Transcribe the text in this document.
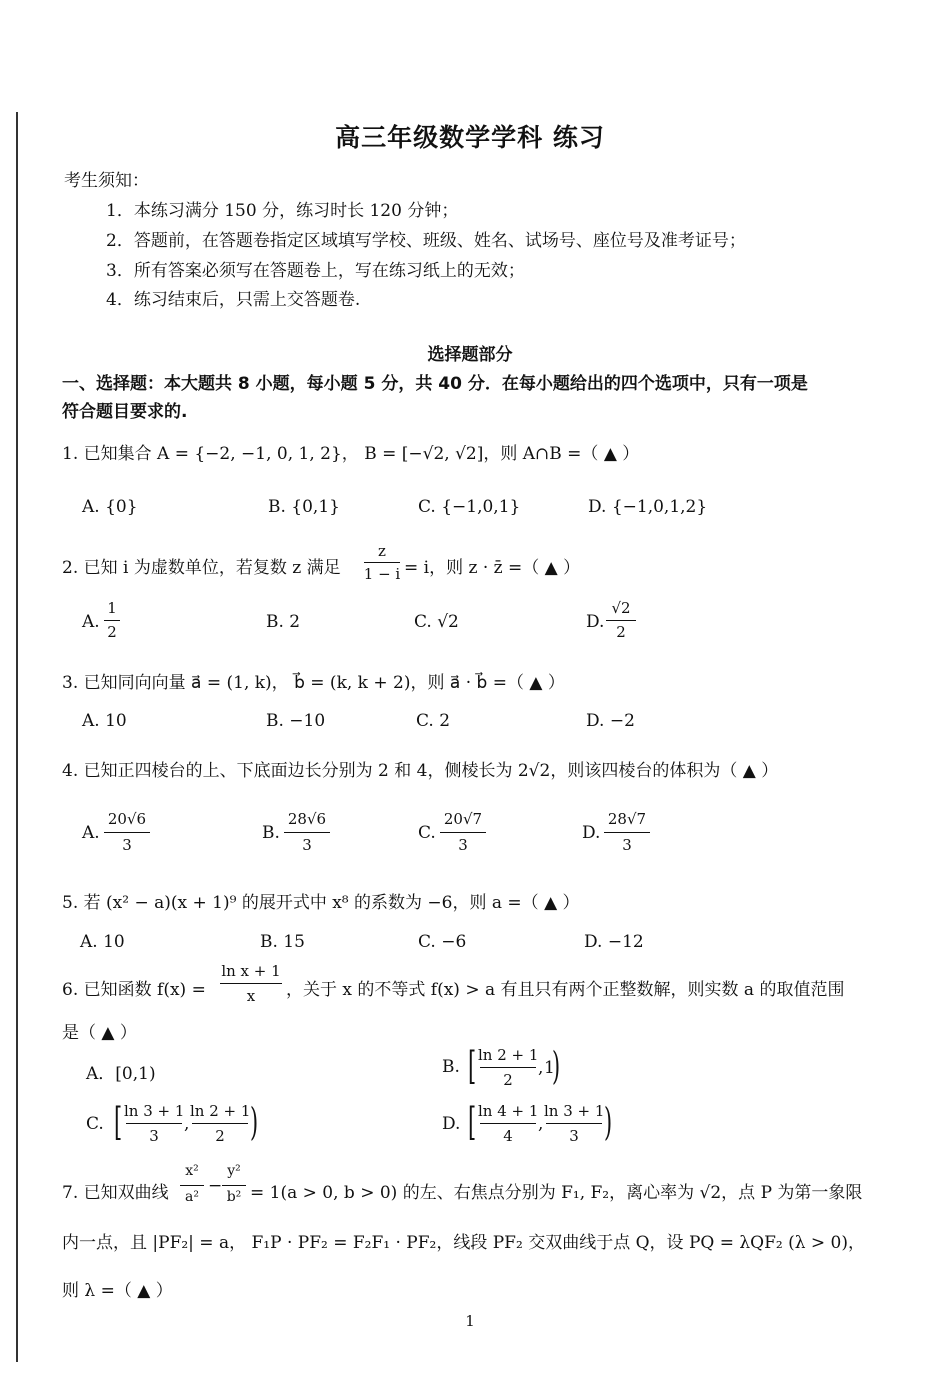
高三年级数学学科 练习
考生须知：
1．本练习满分 150 分，练习时长 120 分钟；
2．答题前，在答题卷指定区域填写学校、班级、姓名、试场号、座位号及准考证号；
3．所有答案必须写在答题卷上，写在练习纸上的无效；
4．练习结束后，只需上交答题卷.
选择题部分
一、选择题：本大题共 8 小题，每小题 5 分，共 40 分．在每小题给出的四个选项中，只有一项是
符合题目要求的.
1. 已知集合 A = {−2, −1, 0, 1, 2}， B = [−√2, √2]，则 A∩B =（ ▲ ）
A. {0}	B. {0,1}	C. {−1,0,1}	D. {−1,0,1,2}
2. 已知 i 为虚数单位，若复数 z 满足
z
1 − i = i，则 z · z̄ =（ ▲ ）
A.
1
2	B. 2	C. √2	D.
√2
2
3. 已知同向向量 a⃗ = (1, k)， b⃗ = (k, k + 2)，则 a⃗ · b⃗ =（ ▲ ）
A. 10	B. −10	C. 2	D. −2
4. 已知正四棱台的上、下底面边长分别为 2 和 4，侧棱长为 2√2，则该四棱台的体积为（ ▲ ）
A.
20√6
3
B.
28√6
3
C.
20√7
3
D.
28√7
3
5. 若 (x² − a)(x + 1)⁹ 的展开式中 x⁸ 的系数为 −6，则 a =（ ▲ ）
A. 10	B. 15	C. −6	D. −12
6. 已知函数 f(x) =
ln x + 1
x	，关于 x 的不等式 f(x) > a 有且只有两个正整数解，则实数 a 的取值范围
是（ ▲ ）
A．[0,1)	B. [ ln 2 + 1
2
, 1
)
C. [ ln 3 + 1
3
,
ln 2 + 1
2 )	D. [ ln 4 + 1
4
,
ln 3 + 1
3 )
7. 已知双曲线
x²
a²
−
y²
b² = 1(a > 0, b > 0) 的左、右焦点分别为 F₁, F₂，离心率为 √2，点 P 为第一象限
内一点，且 |PF₂| = a， F₁P · PF₂ = F₂F₁ · PF₂，线段 PF₂ 交双曲线于点 Q，设 PQ = λQF₂ (λ > 0)，
则 λ =（ ▲ ）
1
